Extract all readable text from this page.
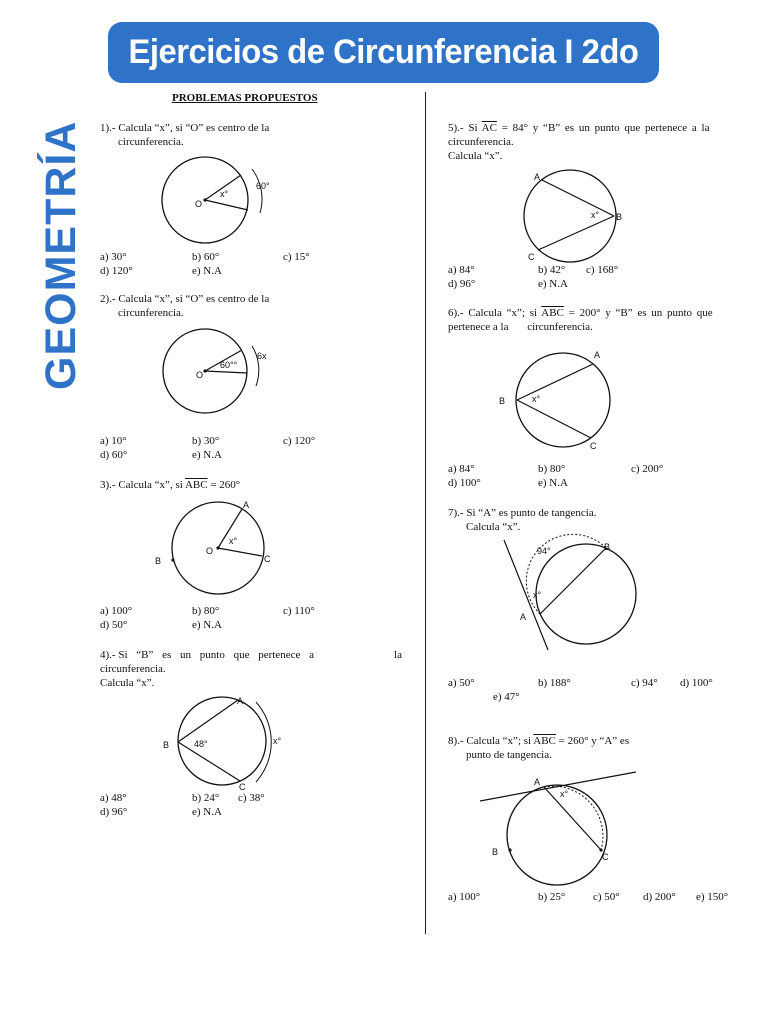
Ejercicios de Circunferencia I 2do Sec
GEOMETRÍA
PROBLEMAS PROPUESTOS
1).- Calcula “x”, si “O” es centro de la
circunferencia.
O
x°
60°
a) 30°	b) 60°	c) 15°
d) 120°	e) N.A
2).- Calcula “x”, si “O” es centro de la
circunferencia.
O
60°°
6x
a) 10°	b) 30°	c) 120°
d) 60°	e) N.A
3).- Calcula “x”, si $\overline{ABC} = 260^\circ$
A
B	C
O
x°
a) 100°	b) 80°	c) 110°
d) 50°	e) N.A
4).- Si “B” es un punto que pertenece a	la
circunferencia.
Calcula “x”.
A
B
C
48°	x°
a) 48°	b) 24° c) 38°
d) 96°	e) N.A
5).- Si $\overline{AC} = 84^\circ$ y “B” es un punto que pertenece a la
circunferencia.
Calcula “x”.
A
B
C
x°
a) 84°	b) 42° c) 168°
d) 96°	e) N.A
6).- Calcula “x”; si $\overline{ABC} = 200^\circ$ y “B” es un punto que
pertenece a la circunferencia.
A
B
C
x°
a) 84°	b) 80°	c) 200°
d) 100°	e) N.A
7).- Si “A” es punto de tangencia.
Calcula “x”.
94°	B
x°
A
a) 50°	b) 188°	c) 94° d) 100°
e) 47°
8).- Calcula “x”; si $\overline{ABC} = 260^\circ$ y “A” es
punto de tangencia.
A
x°
B	C
a) 100°	b) 25°	c) 50° d) 200° e) 150°
